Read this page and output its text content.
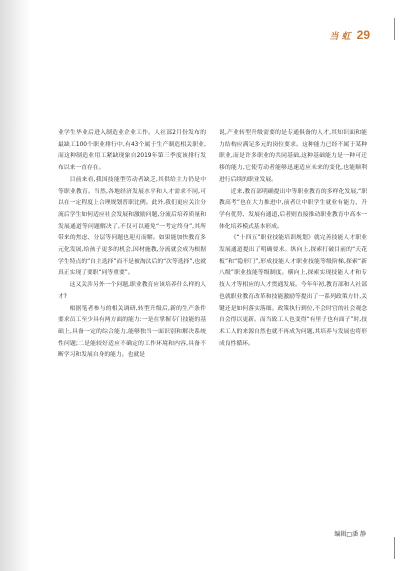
当 虹 29

业学生毕业后进入制造业企业工作。人社部2月份发布的最缺工100个职业排行中,有43个属于生产制造相关职业,而这种制造业用工紧缺现象自2019年第三季度该排行发布以来一直存在。

目前来看,我国技能型劳动者缺乏,其供给主力仍是中等职业教育。当然,各地经济发展水平和人才需求不同,可以在一定程度上合理规划普职比例。此外,我们更应关注分流后学生如何适应社会发展和激励问题,分流后培养质量和发展通道等问题解决了,不仅可以避免“一考定终身”,其所带来的焦虑、分层等问题也迎刃而解。如果能加快教育多元化发展,给孩子更多的机会,因材施教,分流就会成为根据学生特点的“自主选择”而不是被淘汰后的“次等选择”,也就真正实现了要职“同等重要”。

这又关涉另外一个问题,职业教育应该培养什么样的人才?

根据笔者参与的相关调研,转型升级后,新的生产条件要求员工至少具有两方面的能力:一是在掌握专门技能的基础上,具备一定的综合能力,能够独当一面识别和解决系统性问题;二是能较好适应不确定的工作环境和内容,具备不断学习和发展自身的能力。也就是

说,产业转型升级需要的是专通俱备的人才,其知识面和能力结构应满足多元的岗位要求。这种能力已经不属于某种职业,而是许多职业的共同基础,这种基础能力是一种可迁移的能力,它使劳动者能够迅速适应未来的变化,也能顺利进行后续的职业发展。

近来,教育部明确提出中等职业教育的多样化发展,“职教高考”也在大力推进中,前者让中职学生就业有能力、升学有优势、发展有通道,后者则直接推动职业教育中高本一体化培养模式基本形成。

《“十四五”职业技能培训规划》就完善技能人才职业发展通道提出了明确要求。纵向上,探索打破目前的“天花板”和“隐形门”,形成技能人才职业技能等级阶梯,探索“新八级”职业技能等级制度。横向上,探索实现技能人才和专技人才等相应的人才贯通发展。今年年初,教育部和人社部也就职业教育改革和技能激励等提出了一系列政策方针,关键还是如何落实落细。政策执行到位,不会时官的社会观念自会得以更新。而当致工人也变得“有里子也有面子”时,技术工人的来源自然也就不再成为问题,其培养与发展也将形成良性循环。

编辑□潘 静
